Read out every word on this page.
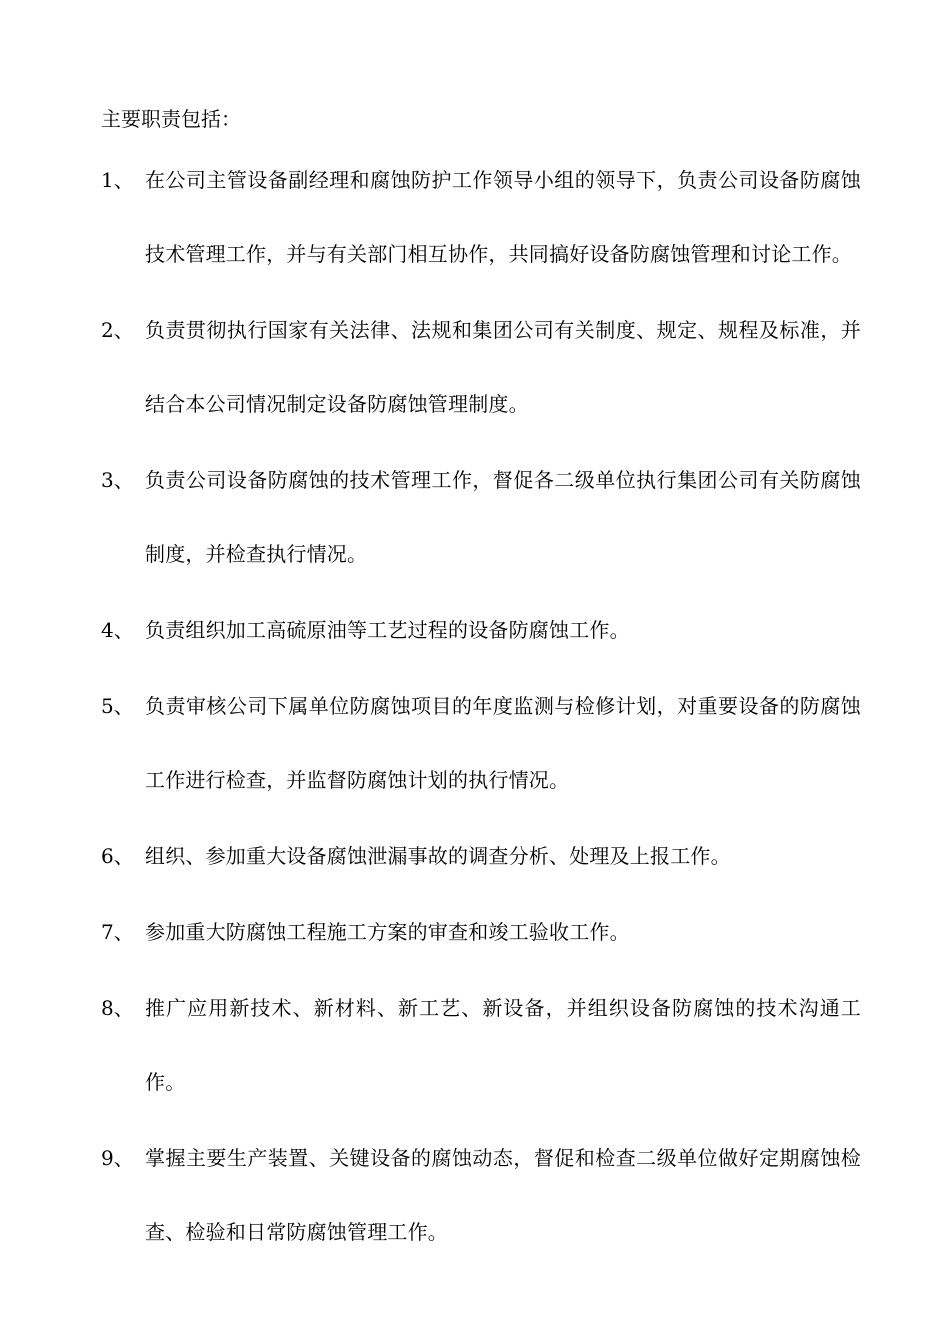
主要职责包括：
1、 在公司主管设备副经理和腐蚀防护工作领导小组的领导下，负责公司设备防腐蚀技术管理工作，并与有关部门相互协作，共同搞好设备防腐蚀管理和讨论工作。
2、 负责贯彻执行国家有关法律、法规和集团公司有关制度、规定、规程及标准，并结合本公司情况制定设备防腐蚀管理制度。
3、 负责公司设备防腐蚀的技术管理工作，督促各二级单位执行集团公司有关防腐蚀制度，并检查执行情况。
4、 负责组织加工高硫原油等工艺过程的设备防腐蚀工作。
5、 负责审核公司下属单位防腐蚀项目的年度监测与检修计划，对重要设备的防腐蚀工作进行检查，并监督防腐蚀计划的执行情况。
6、 组织、参加重大设备腐蚀泄漏事故的调查分析、处理及上报工作。
7、 参加重大防腐蚀工程施工方案的审查和竣工验收工作。
8、 推广应用新技术、新材料、新工艺、新设备，并组织设备防腐蚀的技术沟通工作。
9、 掌握主要生产装置、关键设备的腐蚀动态，督促和检查二级单位做好定期腐蚀检查、检验和日常防腐蚀管理工作。
